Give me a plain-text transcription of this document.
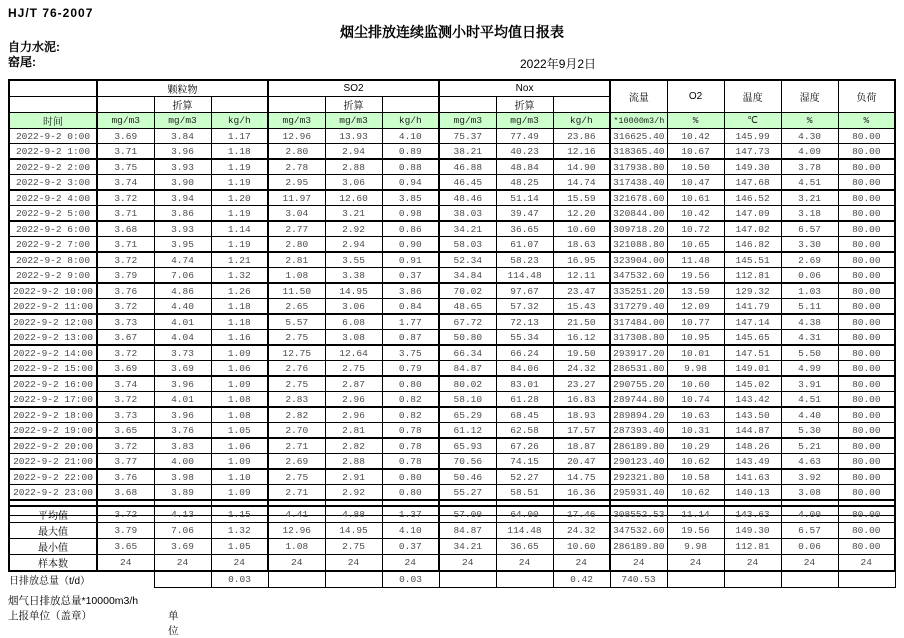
HJ/T 76-2007
烟尘排放连续监测小时平均值日报表
自力水泥:
窑尾:	2022年9月2日
	颗粒物			SO2			Nox			流量	O2	温度	湿度	负荷
		折算			折算			折算						
时间	mg/m3	mg/m3	kg/h	mg/m3	mg/m3	kg/h	mg/m3	mg/m3	kg/h	*10000m3/h	%	℃	%	%
2022-9-2 0:00	3.69	3.84	1.17	12.96	13.93	4.10	75.37	77.49	23.86	316625.40	10.42	145.99	4.30	80.00
2022-9-2 1:00	3.71	3.96	1.18	2.80	2.94	0.89	38.21	40.23	12.16	318365.40	10.67	147.73	4.09	80.00
2022-9-2 2:00	3.75	3.93	1.19	2.78	2.88	0.88	46.88	48.84	14.90	317938.80	10.50	149.30	3.78	80.00
2022-9-2 3:00	3.74	3.90	1.19	2.95	3.06	0.94	46.45	48.25	14.74	317438.40	10.47	147.68	4.51	80.00
2022-9-2 4:00	3.72	3.94	1.20	11.97	12.60	3.85	48.46	51.14	15.59	321678.60	10.61	146.52	3.21	80.00
2022-9-2 5:00	3.71	3.86	1.19	3.04	3.21	0.98	38.03	39.47	12.20	320844.00	10.42	147.09	3.18	80.00
2022-9-2 6:00	3.68	3.93	1.14	2.77	2.92	0.86	34.21	36.65	10.60	309718.20	10.72	147.02	6.57	80.00
2022-9-2 7:00	3.71	3.95	1.19	2.80	2.94	0.90	58.03	61.07	18.63	321088.80	10.65	146.82	3.30	80.00
2022-9-2 8:00	3.72	4.74	1.21	2.81	3.55	0.91	52.34	58.23	16.95	323904.00	11.48	145.51	2.69	80.00
2022-9-2 9:00	3.79	7.06	1.32	1.08	3.38	0.37	34.84	114.48	12.11	347532.60	19.56	112.81	0.06	80.00
2022-9-2 10:00	3.76	4.86	1.26	11.50	14.95	3.86	70.02	97.67	23.47	335251.20	13.59	129.32	1.03	80.00
2022-9-2 11:00	3.72	4.40	1.18	2.65	3.06	0.84	48.65	57.32	15.43	317279.40	12.09	141.79	5.11	80.00
2022-9-2 12:00	3.73	4.01	1.18	5.57	6.08	1.77	67.72	72.13	21.50	317484.00	10.77	147.14	4.38	80.00
2022-9-2 13:00	3.67	4.04	1.16	2.75	3.08	0.87	50.80	55.34	16.12	317308.80	10.95	145.65	4.31	80.00
2022-9-2 14:00	3.72	3.73	1.09	12.75	12.64	3.75	66.34	66.24	19.50	293917.20	10.01	147.51	5.50	80.00
2022-9-2 15:00	3.69	3.69	1.06	2.76	2.75	0.79	84.87	84.06	24.32	286531.80	9.98	149.01	4.99	80.00
2022-9-2 16:00	3.74	3.96	1.09	2.75	2.87	0.80	80.02	83.01	23.27	290755.20	10.60	145.02	3.91	80.00
2022-9-2 17:00	3.72	4.01	1.08	2.83	2.96	0.82	58.10	61.28	16.83	289744.80	10.74	143.42	4.51	80.00
2022-9-2 18:00	3.73	3.96	1.08	2.82	2.96	0.82	65.29	68.45	18.93	289894.20	10.63	143.50	4.40	80.00
2022-9-2 19:00	3.65	3.76	1.05	2.70	2.81	0.78	61.12	62.58	17.57	287393.40	10.31	144.87	5.30	80.00
2022-9-2 20:00	3.72	3.83	1.06	2.71	2.82	0.78	65.93	67.26	18.87	286189.80	10.29	148.26	5.21	80.00
2022-9-2 21:00	3.77	4.00	1.09	2.69	2.88	0.78	70.56	74.15	20.47	290123.40	10.62	143.49	4.63	80.00
2022-9-2 22:00	3.76	3.98	1.10	2.75	2.91	0.80	50.46	52.27	14.75	292321.80	10.58	141.63	3.92	80.00
2022-9-2 23:00	3.68	3.89	1.09	2.71	2.92	0.80	55.27	58.51	16.36	295931.40	10.62	140.13	3.08	80.00

平均值	3.72	4.13	1.15	4.41	4.88	1.37	57.00	64.00	17.46	308552.53	11.14	143.63	4.00	80.00
最大值	3.79	7.06	1.32	12.96	14.95	4.10	84.87	114.48	24.32	347532.60	19.56	149.30	6.57	80.00
最小值	3.65	3.69	1.05	1.08	2.75	0.37	34.21	36.65	10.60	286189.80	9.98	112.81	0.06	80.00
样本数	24	24	24	24	24	24	24	24	24	24	24	24	24	24
日排放总量（t/d）			0.03			0.03			0.42	740.53				
烟气日排放总量*10000m3/h
上报单位（盖章）	单位
